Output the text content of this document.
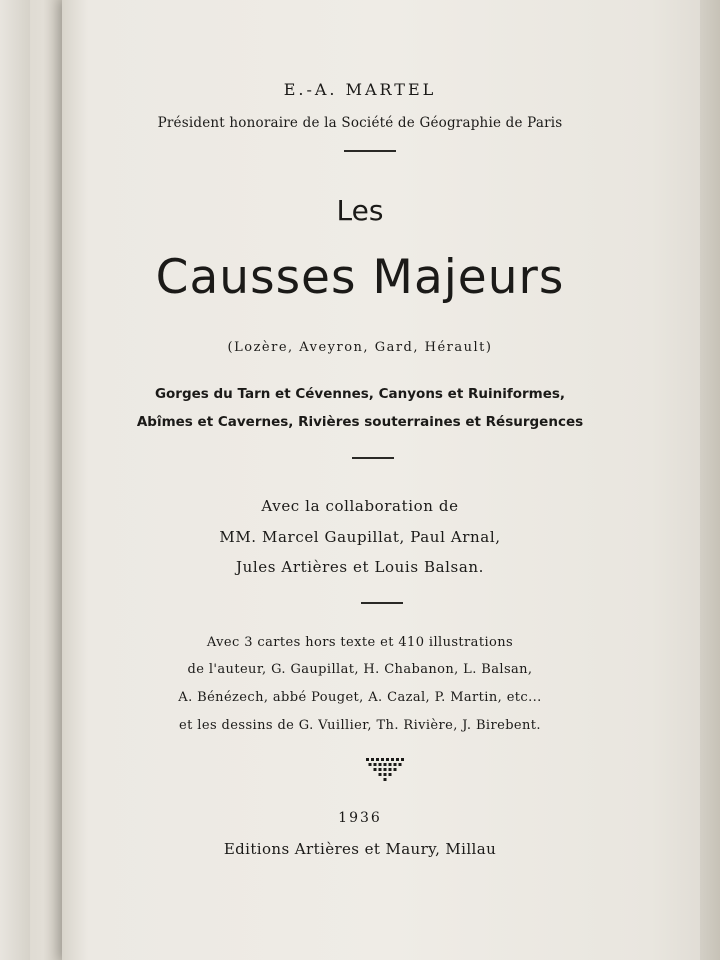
E.-A. MARTEL

Président honoraire de la Société de Géographie de Paris

Les

Causses Majeurs

(Lozère, Aveyron, Gard, Hérault)

Gorges du Tarn et Cévennes, Canyons et Ruiniformes,

Abîmes et Cavernes, Rivières souterraines et Résurgences

Avec la collaboration de

MM. Marcel Gaupillat, Paul Arnal,

Jules Artières et Louis Balsan.

Avec 3 cartes hors texte et 410 illustrations

de l'auteur, G. Gaupillat, H. Chabanon, L. Balsan,

A. Bénézech, abbé Pouget, A. Cazal, P. Martin, etc...

et les dessins de G. Vuillier, Th. Rivière, J. Birebent.

1936

Editions Artières et Maury, Millau
